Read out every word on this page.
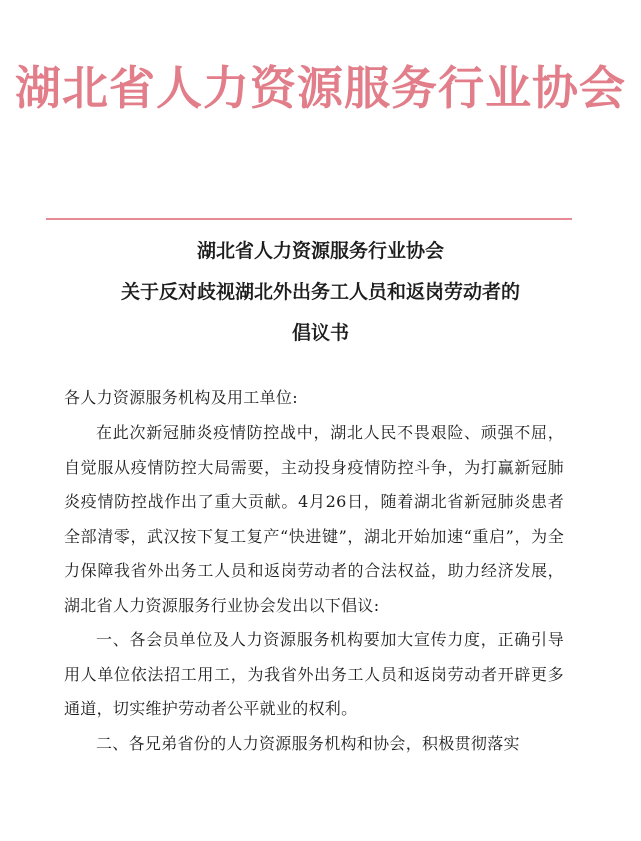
湖北省人力资源服务行业协会
湖北省人力资源服务行业协会
关于反对歧视湖北外出务工人员和返岗劳动者的
倡议书
各人力资源服务机构及用工单位:

在此次新冠肺炎疫情防控战中，湖北人民不畏艰险、顽强不屈，自觉服从疫情防控大局需要，主动投身疫情防控斗争，为打赢新冠肺炎疫情防控战作出了重大贡献。4月26日，随着湖北省新冠肺炎患者全部清零，武汉按下复工复产“快进键”，湖北开始加速“重启”，为全力保障我省外出务工人员和返岗劳动者的合法权益，助力经济发展，湖北省人力资源服务行业协会发出以下倡议:

一、各会员单位及人力资源服务机构要加大宣传力度，正确引导用人单位依法招工用工，为我省外出务工人员和返岗劳动者开辟更多通道，切实维护劳动者公平就业的权利。

二、各兄弟省份的人力资源服务机构和协会，积极贯彻落实
